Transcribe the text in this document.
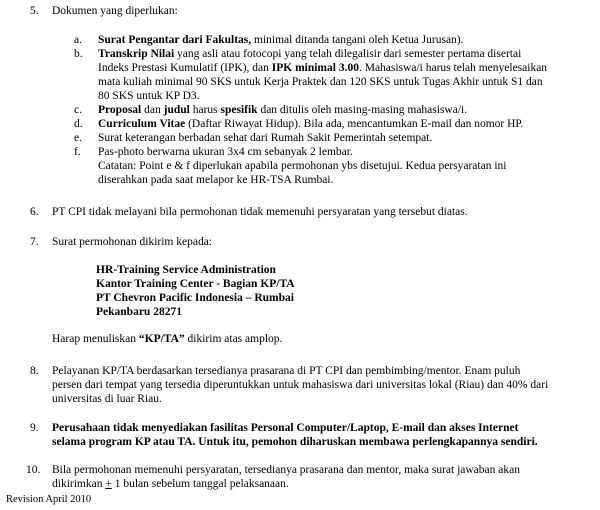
5. Dokumen yang diperlukan:
a. Surat Pengantar dari Fakultas, minimal ditanda tangani oleh Ketua Jurusan).
b. Transkrip Nilai yang asli atau fotocopi yang telah dilegalisir dari semester pertama disertai
Indeks Prestasi Kumulatif (IPK), dan IPK minimal 3.00. Mahasiswa/i harus telah menyelesaikan
mata kuliah minimal 90 SKS untuk Kerja Praktek dan 120 SKS untuk Tugas Akhir untuk S1 dan
80 SKS untuk KP D3.
c. Proposal dan judul harus spesifik dan ditulis oleh masing-masing mahasiswa/i.
d. Curriculum Vitae (Daftar Riwayat Hidup). Bila ada, mencantumkan E-mail dan nomor HP.
e. Surat keterangan berbadan sehat dari Rumah Sakit Pemerintah setempat.
f. Pas-photo berwarna ukuran 3x4 cm sebanyak 2 lembar.
Catatan: Point e & f diperlukan apabila permohonan ybs disetujui. Kedua persyaratan ini
diserahkan pada saat melapor ke HR-TSA Rumbai.
6. PT CPI tidak melayani bila permohonan tidak memenuhi persyaratan yang tersebut diatas.
7. Surat permohonan dikirim kepada:
HR-Training Service Administration
Kantor Training Center - Bagian KP/TA
PT Chevron Pacific Indonesia – Rumbai
Pekanbaru 28271
Harap menuliskan “KP/TA” dikirim atas amplop.
8. Pelayanan KP/TA berdasarkan tersedianya prasarana di PT CPI dan pembimbing/mentor. Enam puluh
persen dari tempat yang tersedia diperuntukkan untuk mahasiswa dari universitas lokal (Riau) dan 40% dari
universitas di luar Riau.
9. Perusahaan tidak menyediakan fasilitas Personal Computer/Laptop, E-mail dan akses Internet
selama program KP atau TA. Untuk itu, pemohon diharuskan membawa perlengkapannya sendiri.
10. Bila permohonan memenuhi persyaratan, tersedianya prasarana dan mentor, maka surat jawaban akan
dikirimkan + 1 bulan sebelum tanggal pelaksanaan.
Revision April 2010
